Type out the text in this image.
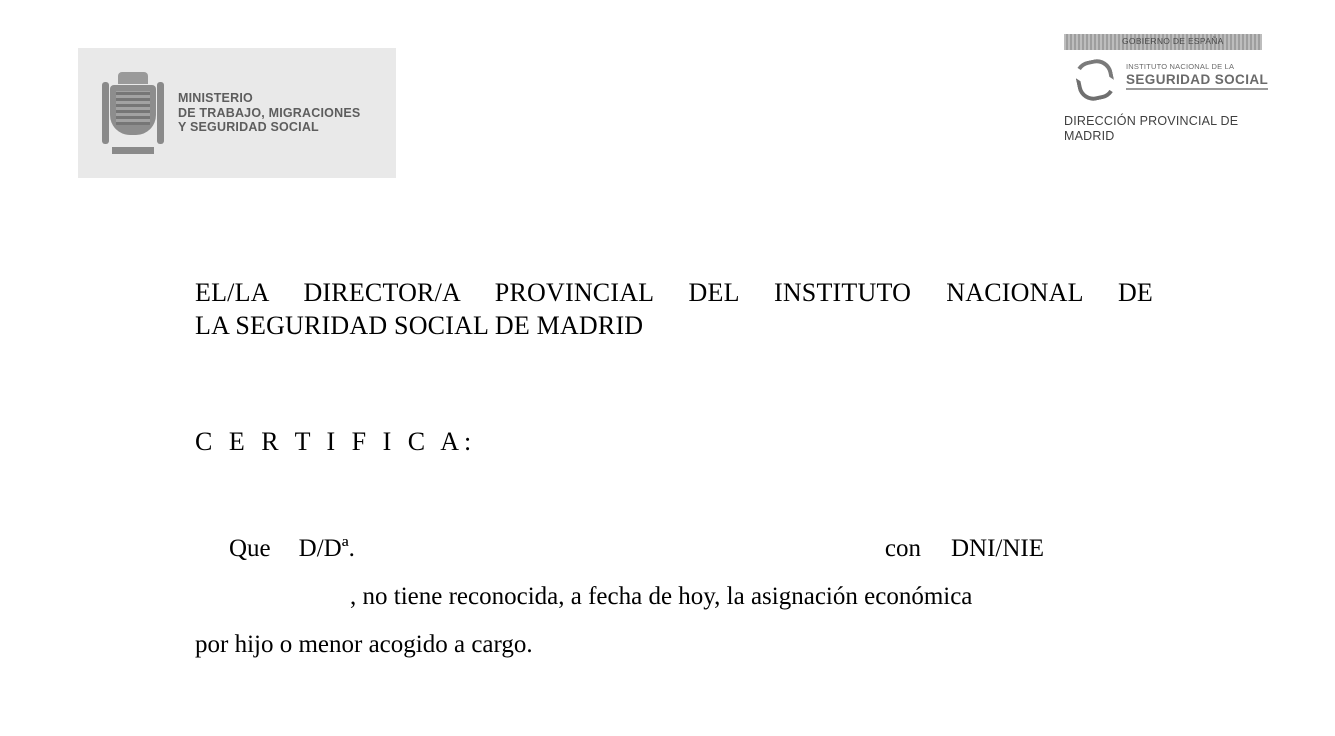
MINISTERIO
DE TRABAJO, MIGRACIONES
Y SEGURIDAD SOCIAL
GOBIERNO DE ESPAÑA
INSTITUTO NACIONAL DE LA
SEGURIDAD SOCIAL
DIRECCIÓN PROVINCIAL DE
MADRID
EL/LA DIRECTOR/A PROVINCIAL DEL INSTITUTO NACIONAL DE
LA SEGURIDAD SOCIAL DE MADRID
C E R T I F I C A:
Que D/Dª.	con DNI/NIE
, no tiene reconocida, a fecha de hoy, la asignación económica
por hijo o menor acogido a cargo.
